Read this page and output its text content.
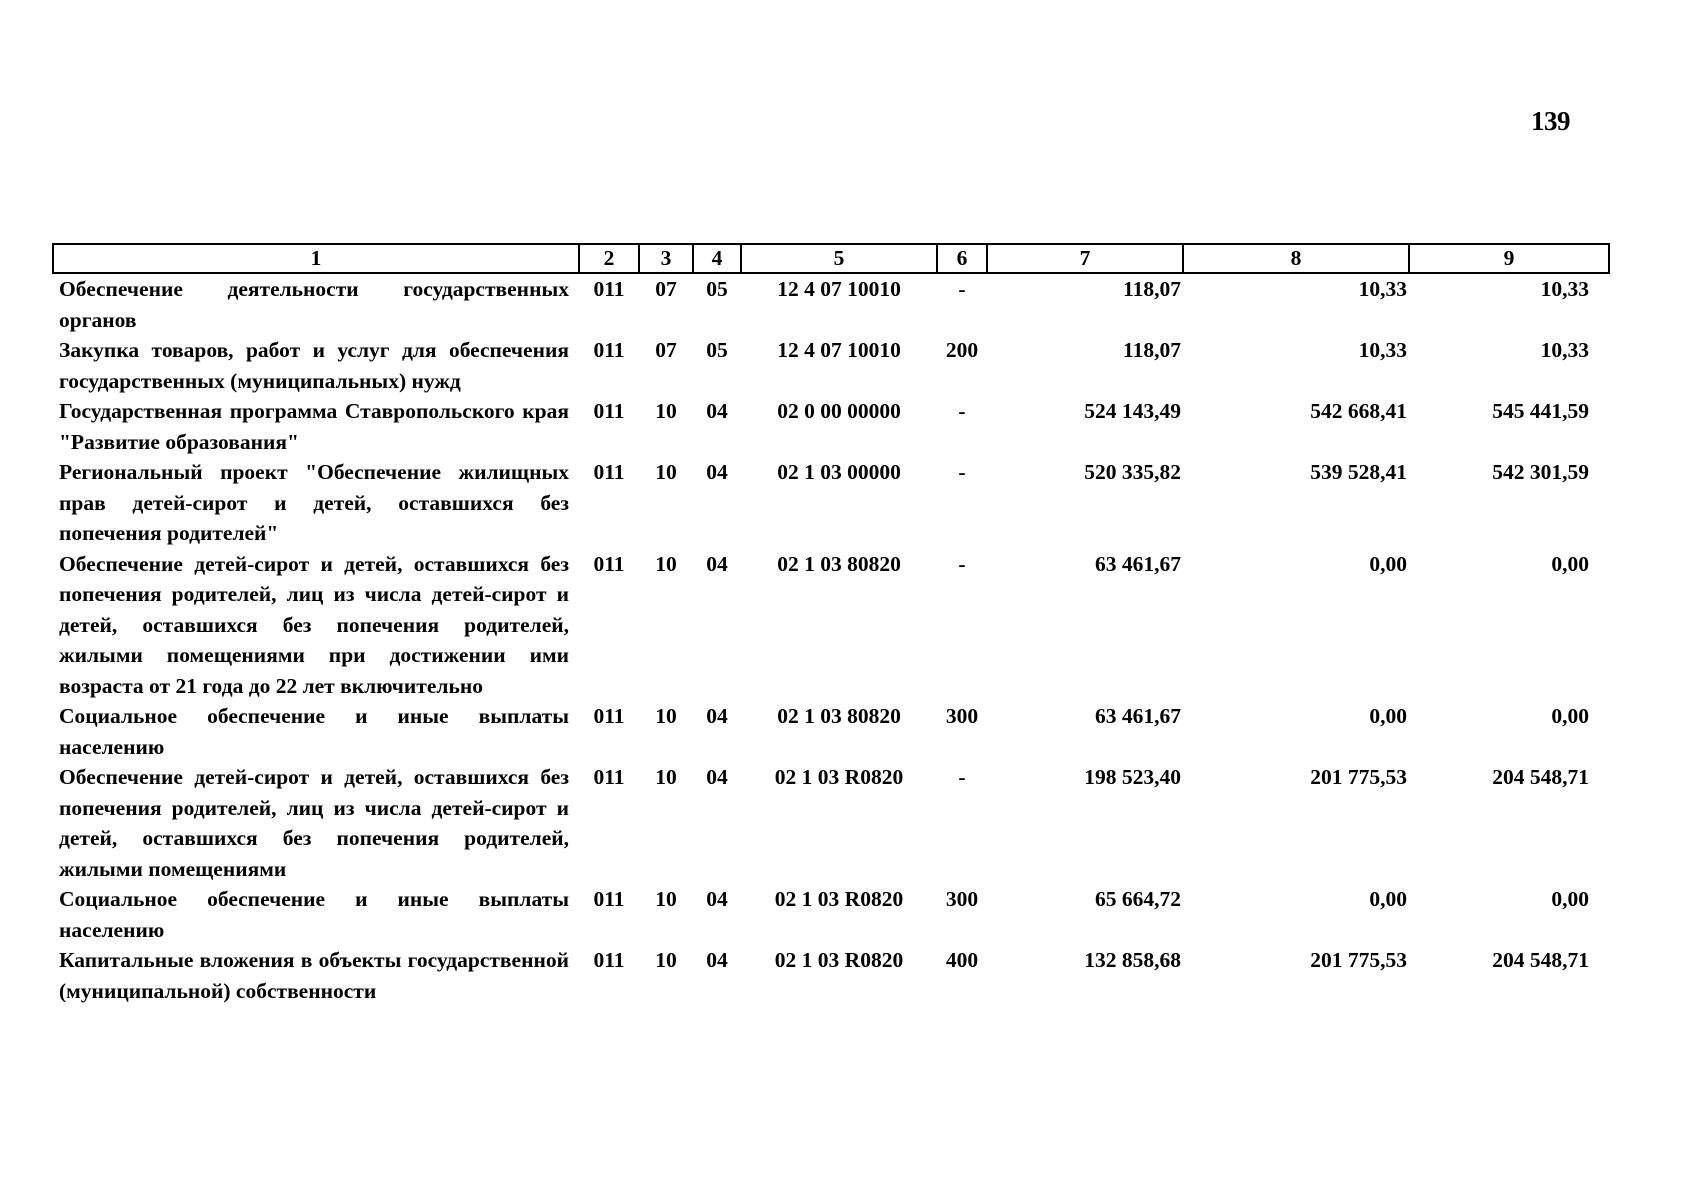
139
1	2	3	4	5	6	7	8	9
Обеспечение деятельности государственных органов	011	07	05	12 4 07 10010	-	118,07	10,33	10,33
Закупка товаров, работ и услуг для обеспечения государственных (муниципальных) нужд	011	07	05	12 4 07 10010	200	118,07	10,33	10,33
Государственная программа Ставропольского края "Развитие образования"	011	10	04	02 0 00 00000	-	524 143,49	542 668,41	545 441,59
Региональный проект "Обеспечение жилищных прав детей-сирот и детей, оставшихся без попечения родителей"	011	10	04	02 1 03 00000	-	520 335,82	539 528,41	542 301,59
Обеспечение детей-сирот и детей, оставшихся без попечения родителей, лиц из числа детей-сирот и детей, оставшихся без попечения родителей, жилыми помещениями при достижении ими возраста от 21 года до 22 лет включительно	011	10	04	02 1 03 80820	-	63 461,67	0,00	0,00
Социальное обеспечение и иные выплаты населению	011	10	04	02 1 03 80820	300	63 461,67	0,00	0,00
Обеспечение детей-сирот и детей, оставшихся без попечения родителей, лиц из числа детей-сирот и детей, оставшихся без попечения родителей, жилыми помещениями	011	10	04	02 1 03 R0820	-	198 523,40	201 775,53	204 548,71
Социальное обеспечение и иные выплаты населению	011	10	04	02 1 03 R0820	300	65 664,72	0,00	0,00
Капитальные вложения в объекты государственной (муниципальной) собственности	011	10	04	02 1 03 R0820	400	132 858,68	201 775,53	204 548,71
